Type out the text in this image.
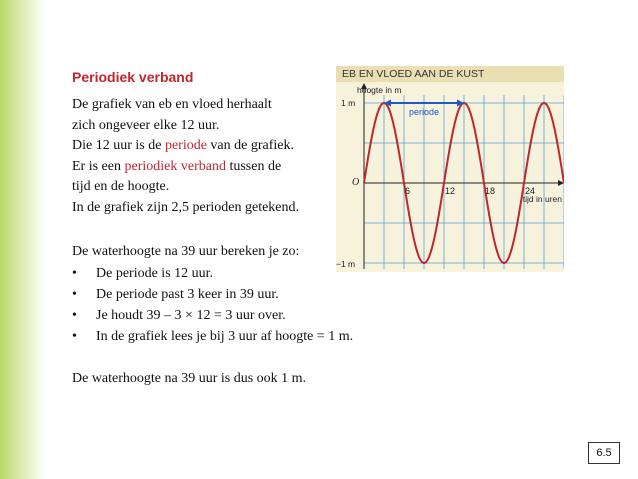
Periodiek verband

De grafiek van eb en vloed herhaalt

zich ongeveer elke 12 uur.

Die 12 uur is de periode van de grafiek.

Er is een periodiek verband tussen de

tijd en de hoogte.

In de grafiek zijn 2,5 perioden getekend.

De waterhoogte na 39 uur bereken je zo:

• De periode is 12 uur.
• De periode past 3 keer in 39 uur.
• Je houdt 39 – 3 × 12 = 3 uur over.
• In de grafiek lees je bij 3 uur af hoogte = 1 m.

De waterhoogte na 39 uur is dus ook 1 m.

EB EN VLOED AAN DE KUST
periode
hoogte in m
1 m
O
−1 m
6	12	18	24
tijd in uren
6.5
